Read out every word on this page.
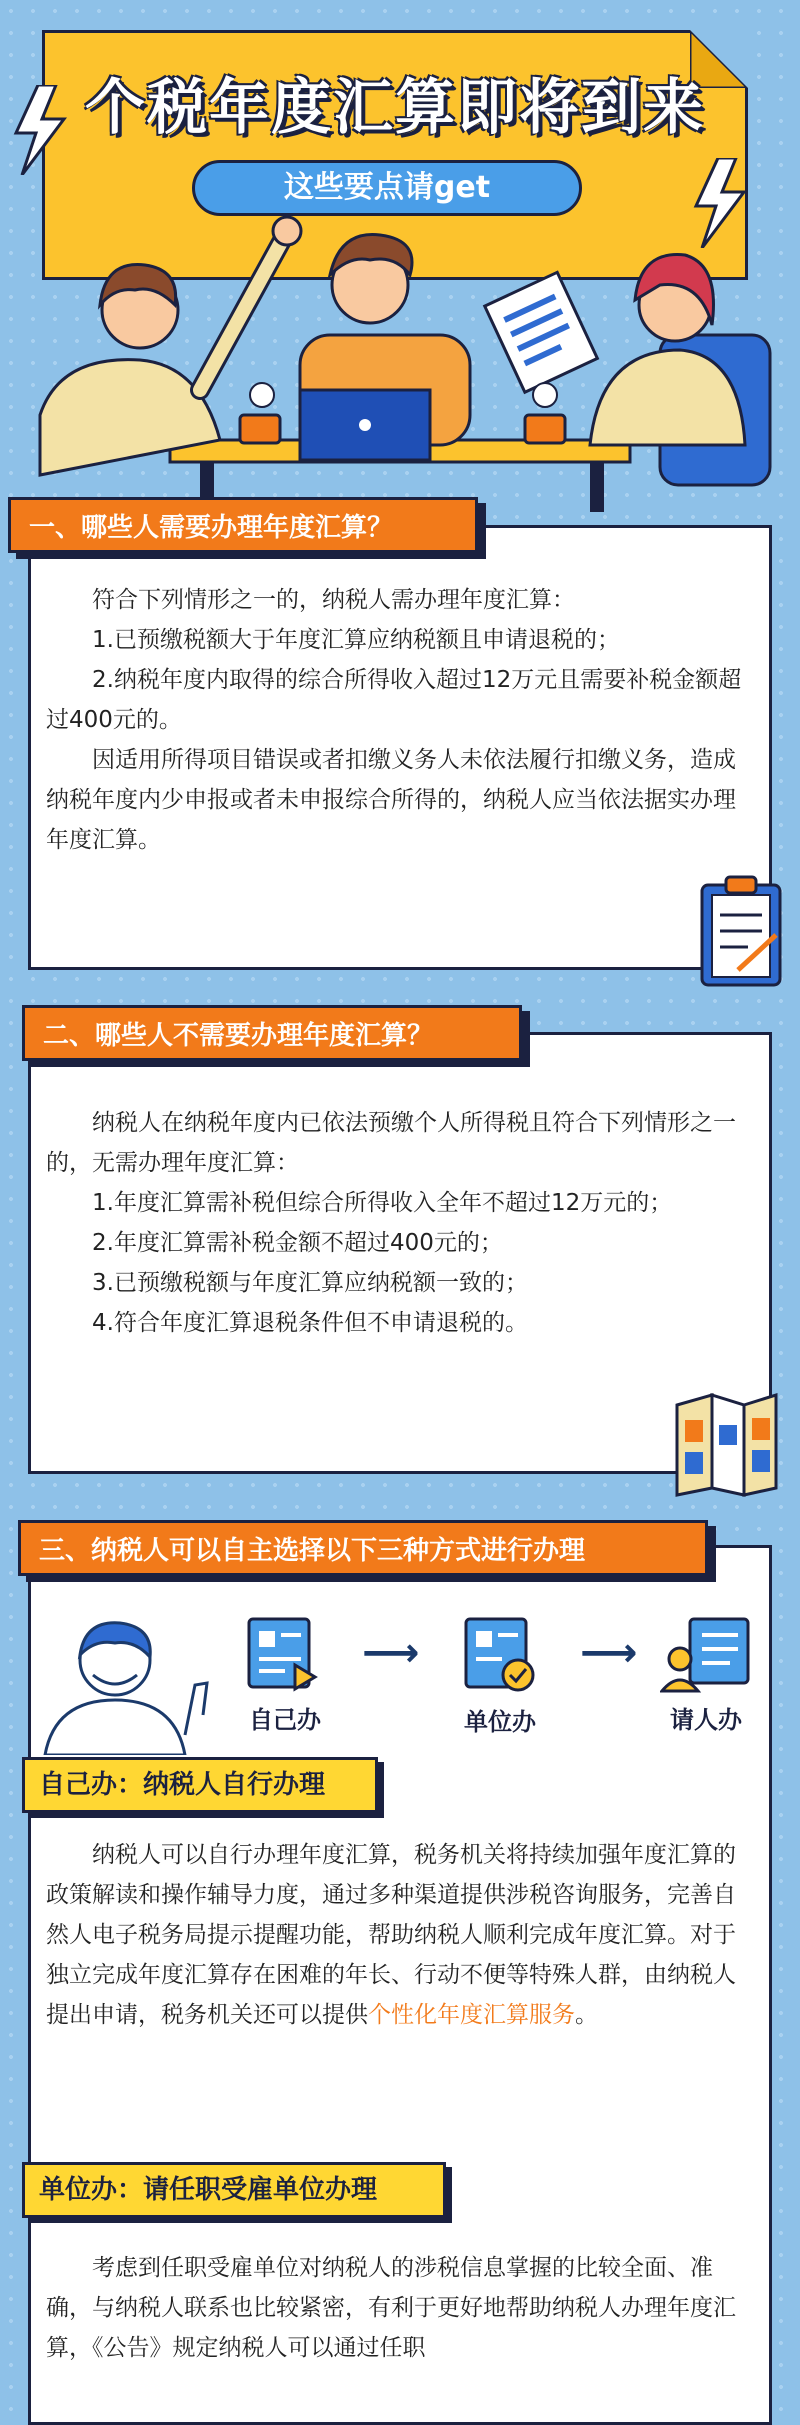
个税年度汇算即将到来
这些要点请get
一、哪些人需要办理年度汇算？

符合下列情形之一的，纳税人需办理年度汇算：

1.已预缴税额大于年度汇算应纳税额且申请退税的；

2.纳税年度内取得的综合所得收入超过12万元且需要补税金额超过400元的。

因适用所得项目错误或者扣缴义务人未依法履行扣缴义务，造成纳税年度内少申报或者未申报综合所得的，纳税人应当依法据实办理年度汇算。

二、哪些人不需要办理年度汇算？

纳税人在纳税年度内已依法预缴个人所得税且符合下列情形之一的，无需办理年度汇算：

1.年度汇算需补税但综合所得收入全年不超过12万元的；

2.年度汇算需补税金额不超过400元的；

3.已预缴税额与年度汇算应纳税额一致的；

4.符合年度汇算退税条件但不申请退税的。

三、纳税人可以自主选择以下三种方式进行办理
⟶	⟶
自己办	单位办	请人办
自己办：纳税人自行办理

纳税人可以自行办理年度汇算，税务机关将持续加强年度汇算的政策解读和操作辅导力度，通过多种渠道提供涉税咨询服务，完善自然人电子税务局提示提醒功能，帮助纳税人顺利完成年度汇算。对于独立完成年度汇算存在困难的年长、行动不便等特殊人群，由纳税人提出申请，税务机关还可以提供个性化年度汇算服务。

单位办：请任职受雇单位办理

考虑到任职受雇单位对纳税人的涉税信息掌握的比较全面、准确，与纳税人联系也比较紧密，有利于更好地帮助纳税人办理年度汇算，《公告》规定纳税人可以通过任职
